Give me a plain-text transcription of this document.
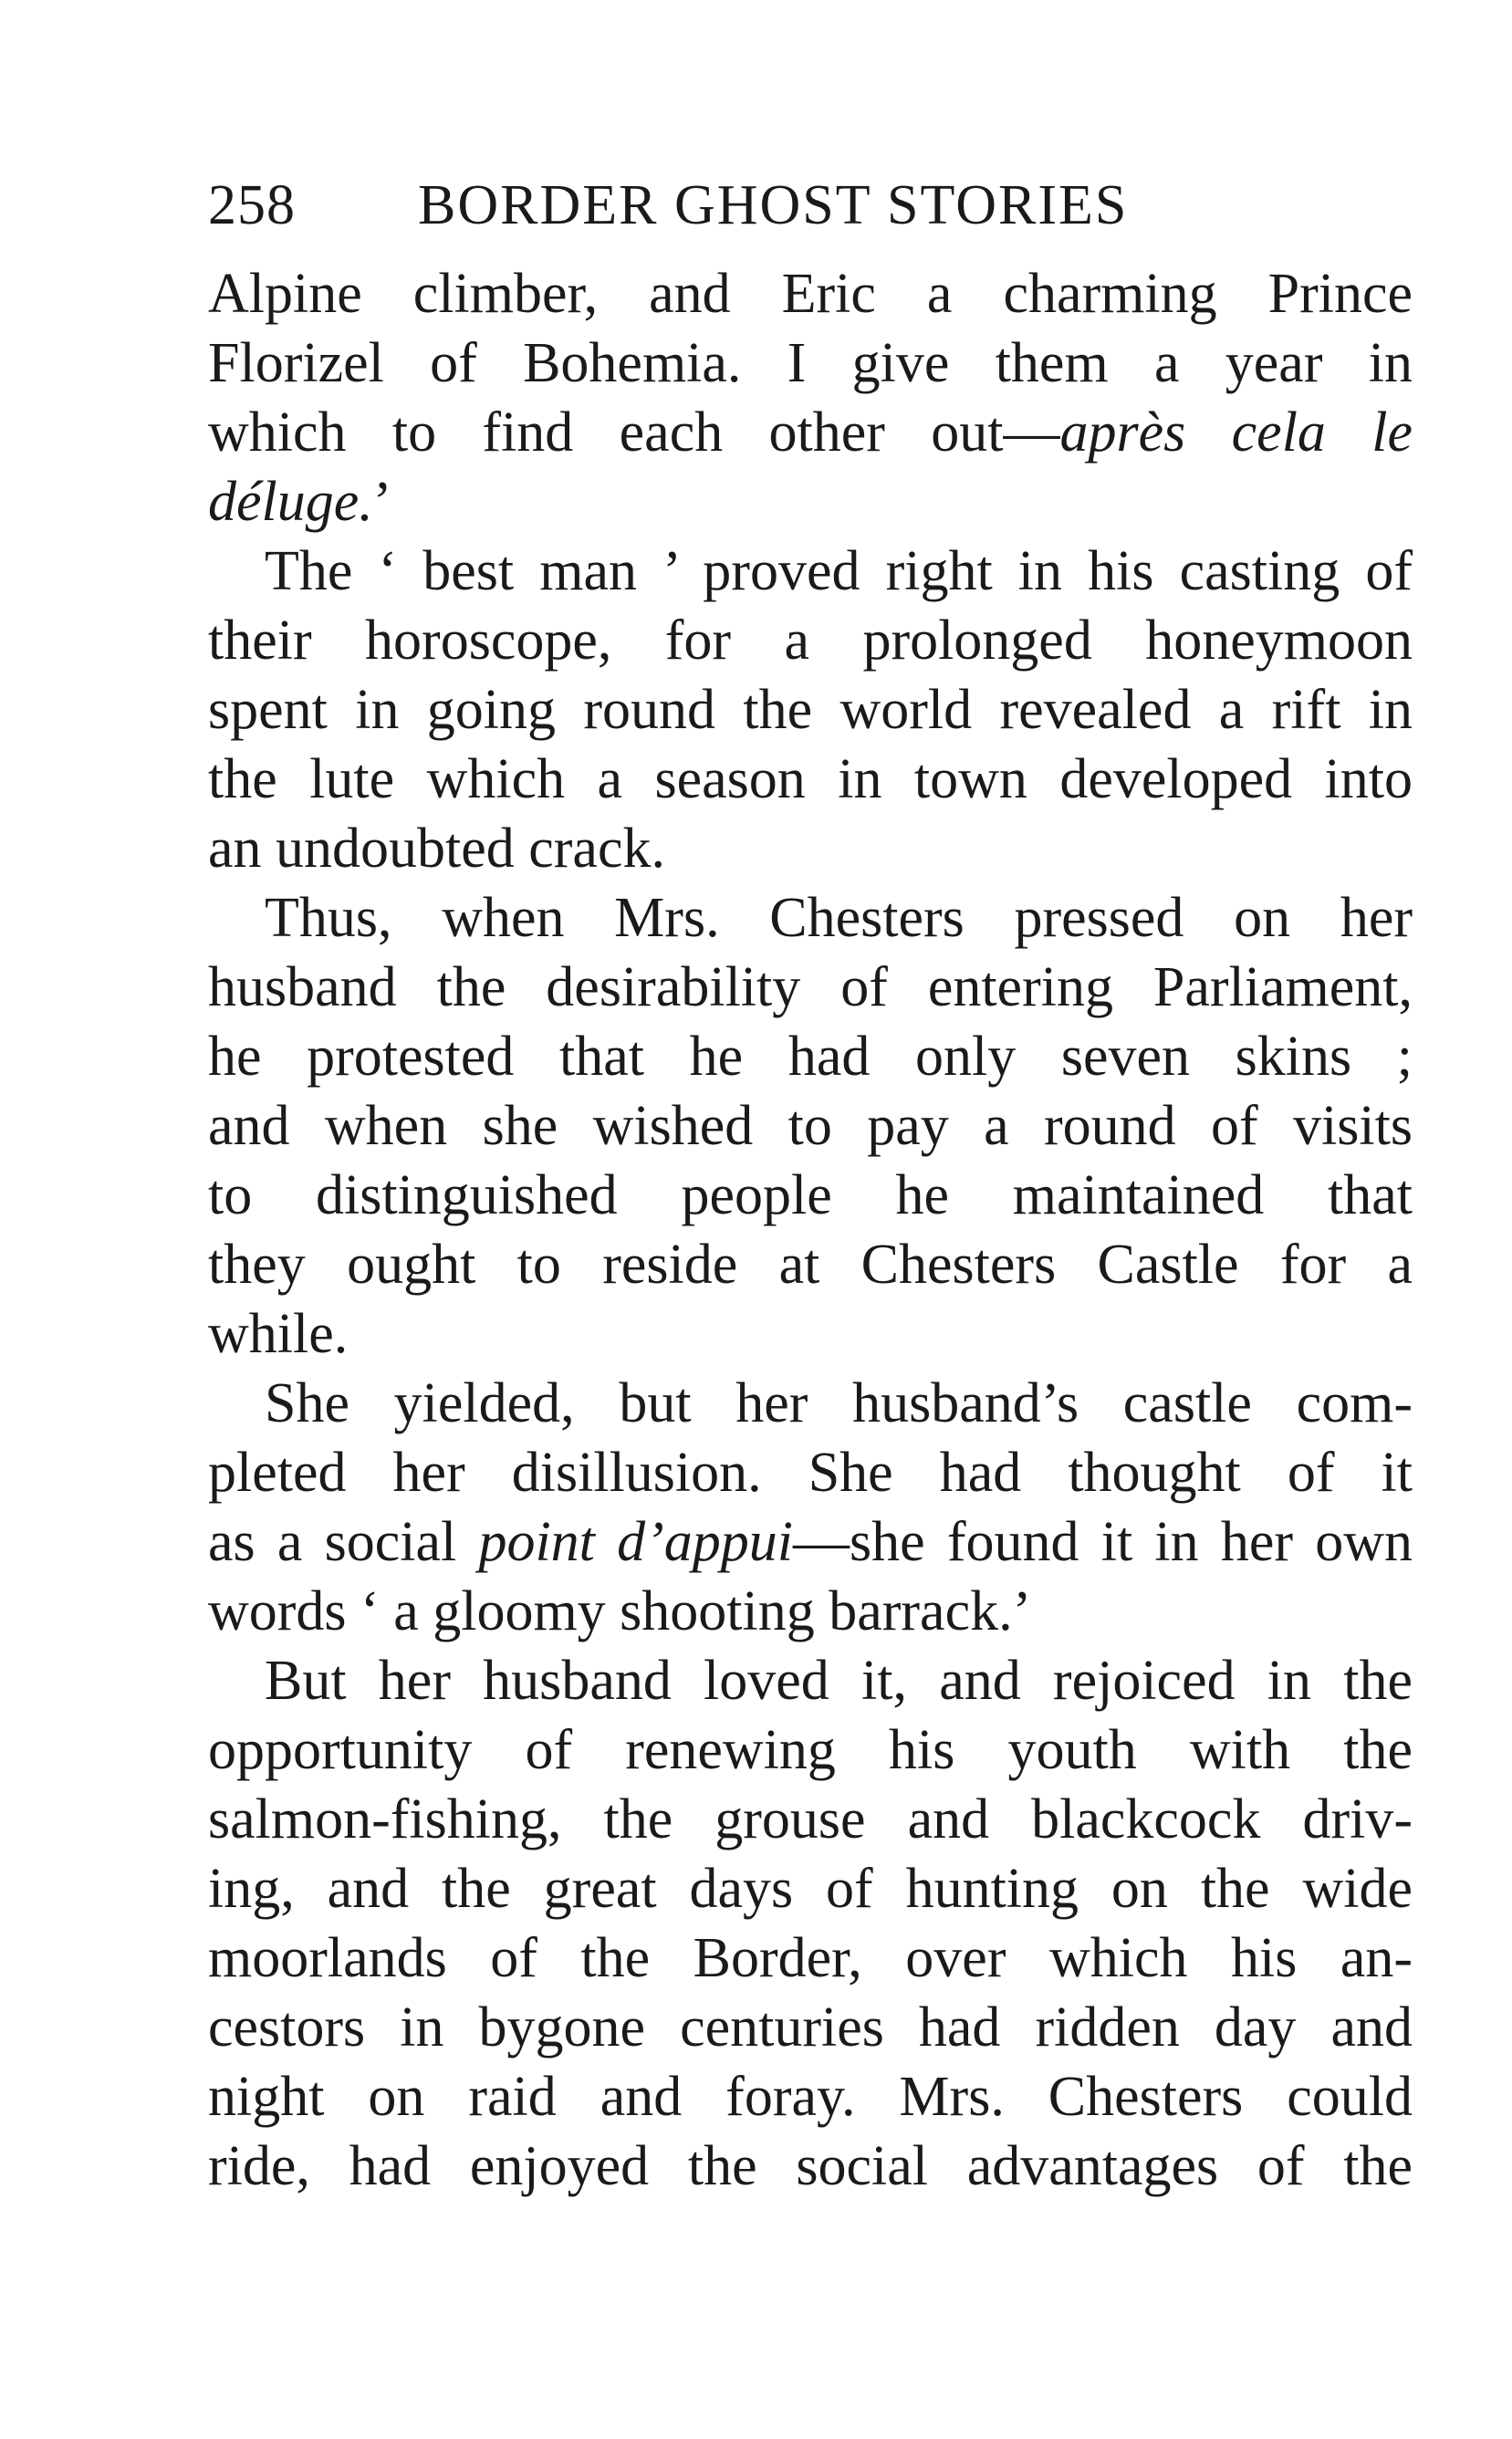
258	BORDER GHOST STORIES
Alpine climber, and Eric a charming Prince
Florizel of Bohemia. I give them a year in
which to find each other out—après cela le
déluge.’
The ‘ best man ’ proved right in his casting of
their horoscope, for a prolonged honeymoon
spent in going round the world revealed a rift in
the lute which a season in town developed into
an undoubted crack.
Thus, when Mrs. Chesters pressed on her
husband the desirability of entering Parliament,
he protested that he had only seven skins ;
and when she wished to pay a round of visits
to distinguished people he maintained that
they ought to reside at Chesters Castle for a
while.
She yielded, but her husband’s castle com-
pleted her disillusion. She had thought of it
as a social point d’appui—she found it in her own
words ‘ a gloomy shooting barrack.’
But her husband loved it, and rejoiced in the
opportunity of renewing his youth with the
salmon-fishing, the grouse and blackcock driv-
ing, and the great days of hunting on the wide
moorlands of the Border, over which his an-
cestors in bygone centuries had ridden day and
night on raid and foray. Mrs. Chesters could
ride, had enjoyed the social advantages of the
